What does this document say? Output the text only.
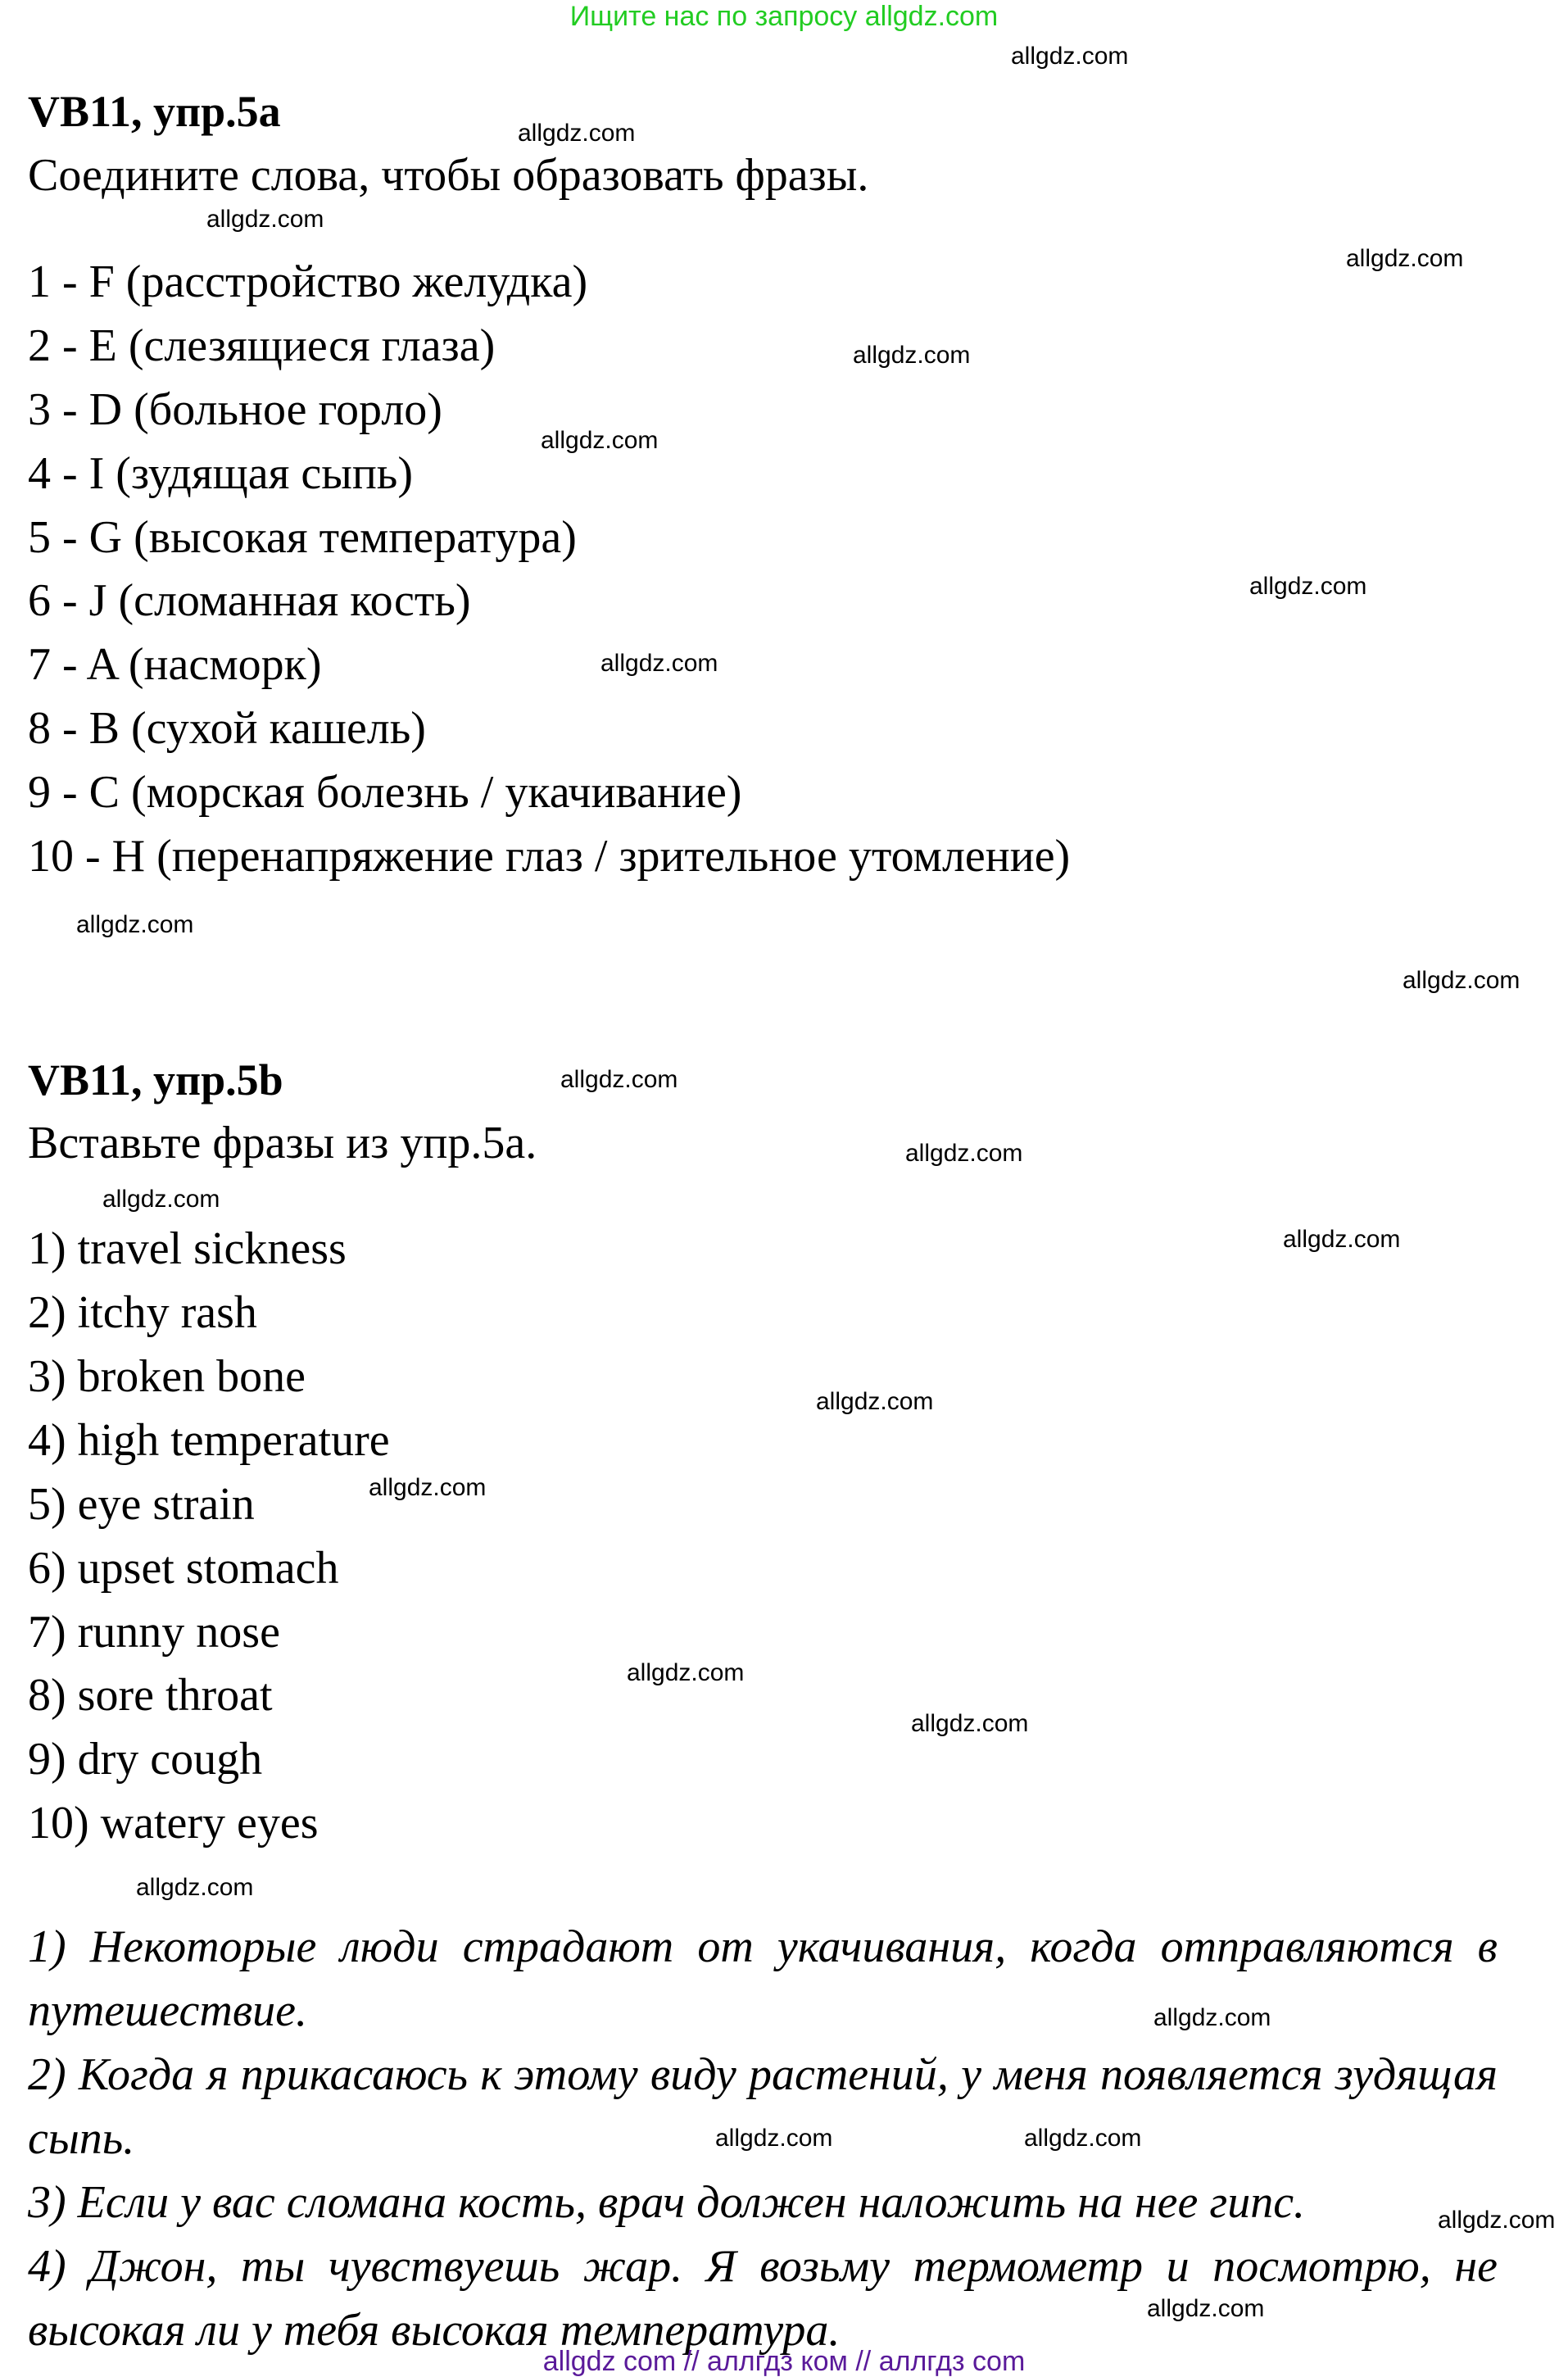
Ищите нас по запросу allgdz.com
VB11, упр.5a
Соедините слова, чтобы образовать фразы.
1 - F (расстройство желудка)
2 - E (слезящиеся глаза)
3 - D (больное горло)
4 - I (зудящая сыпь)
5 - G (высокая температура)
6 - J (сломанная кость)
7 - A (насморк)
8 - B (сухой кашель)
9 - C (морская болезнь / укачивание)
10 - H (перенапряжение глаз / зрительное утомление)
VB11, упр.5b
Вставьте фразы из упр.5a.
1) travel sickness
2) itchy rash
3) broken bone
4) high temperature
5) eye strain
6) upset stomach
7) runny nose
8) sore throat
9) dry cough
10) watery eyes

1) Некоторые люди страдают от укачивания, когда отправляются в путешествие.

2) Когда я прикасаюсь к этому виду растений, у меня появляется зудящая сыпь.

3) Если у вас сломана кость, врач должен наложить на нее гипс.

4) Джон, ты чувствуешь жар. Я возьму термометр и посмотрю, не высокая ли у тебя высокая температура.

allgdz.com
allgdz.com
allgdz.com
allgdz.com
allgdz.com
allgdz.com
allgdz.com
allgdz.com
allgdz.com
allgdz.com
allgdz.com
allgdz.com
allgdz.com
allgdz.com
allgdz.com
allgdz.com
allgdz.com
allgdz.com
allgdz.com
allgdz.com
allgdz.com	allgdz.com
allgdz.com
allgdz.com
allgdz com // аллгдз ком // аллгдз com
